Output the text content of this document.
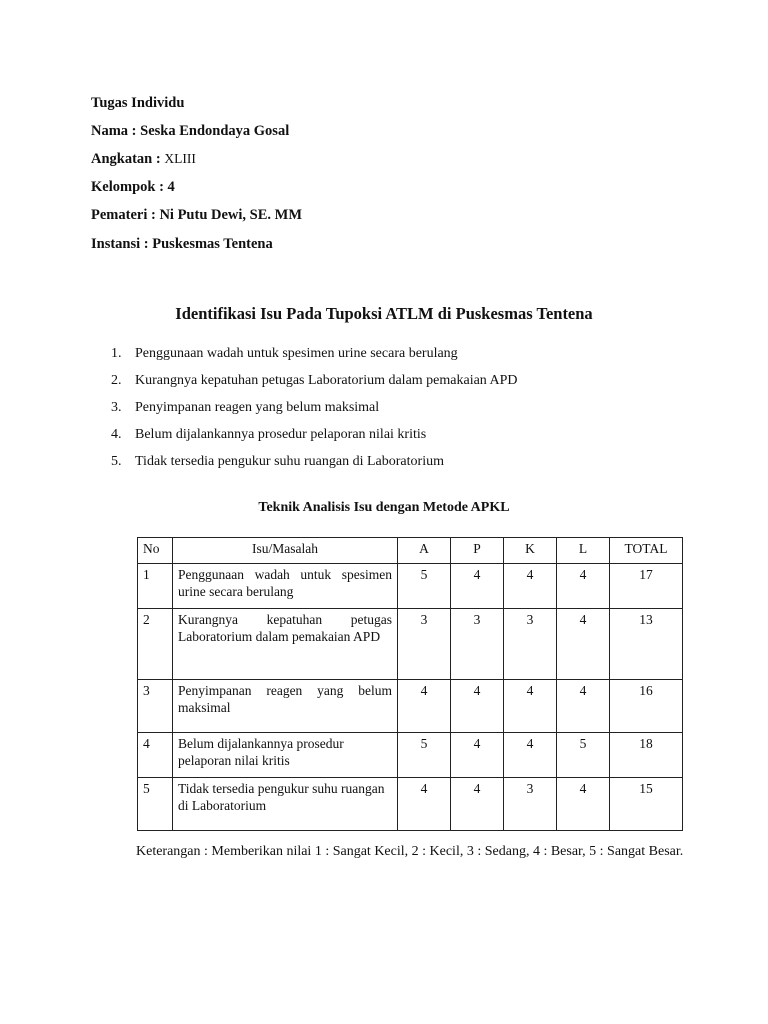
Tugas Individu
Nama : Seska Endondaya Gosal
Angkatan : XLIII
Kelompok : 4
Pemateri : Ni Putu Dewi, SE. MM
Instansi : Puskesmas Tentena
Identifikasi Isu Pada Tupoksi ATLM di Puskesmas Tentena
1. Penggunaan wadah untuk spesimen urine secara berulang
2. Kurangnya kepatuhan petugas Laboratorium dalam pemakaian APD
3. Penyimpanan reagen yang belum maksimal
4. Belum dijalankannya prosedur pelaporan nilai kritis
5. Tidak tersedia pengukur suhu ruangan di Laboratorium
Teknik Analisis Isu dengan Metode APKL
No	Isu/Masalah	A	P	K	L	TOTAL
1	Penggunaan wadah untuk spesimen urine secara berulang	5	4	4	4	17
2	Kurangnya kepatuhan petugas Laboratorium dalam pemakaian APD	3	3	3	4	13
3	Penyimpanan reagen yang belum maksimal	4	4	4	4	16
4	Belum dijalankannya prosedur pelaporan nilai kritis	5	4	4	5	18
5	Tidak tersedia pengukur suhu ruangan di Laboratorium	4	4	3	4	15
Keterangan : Memberikan nilai 1 : Sangat Kecil, 2 : Kecil, 3 : Sedang, 4 : Besar, 5 : Sangat Besar.
